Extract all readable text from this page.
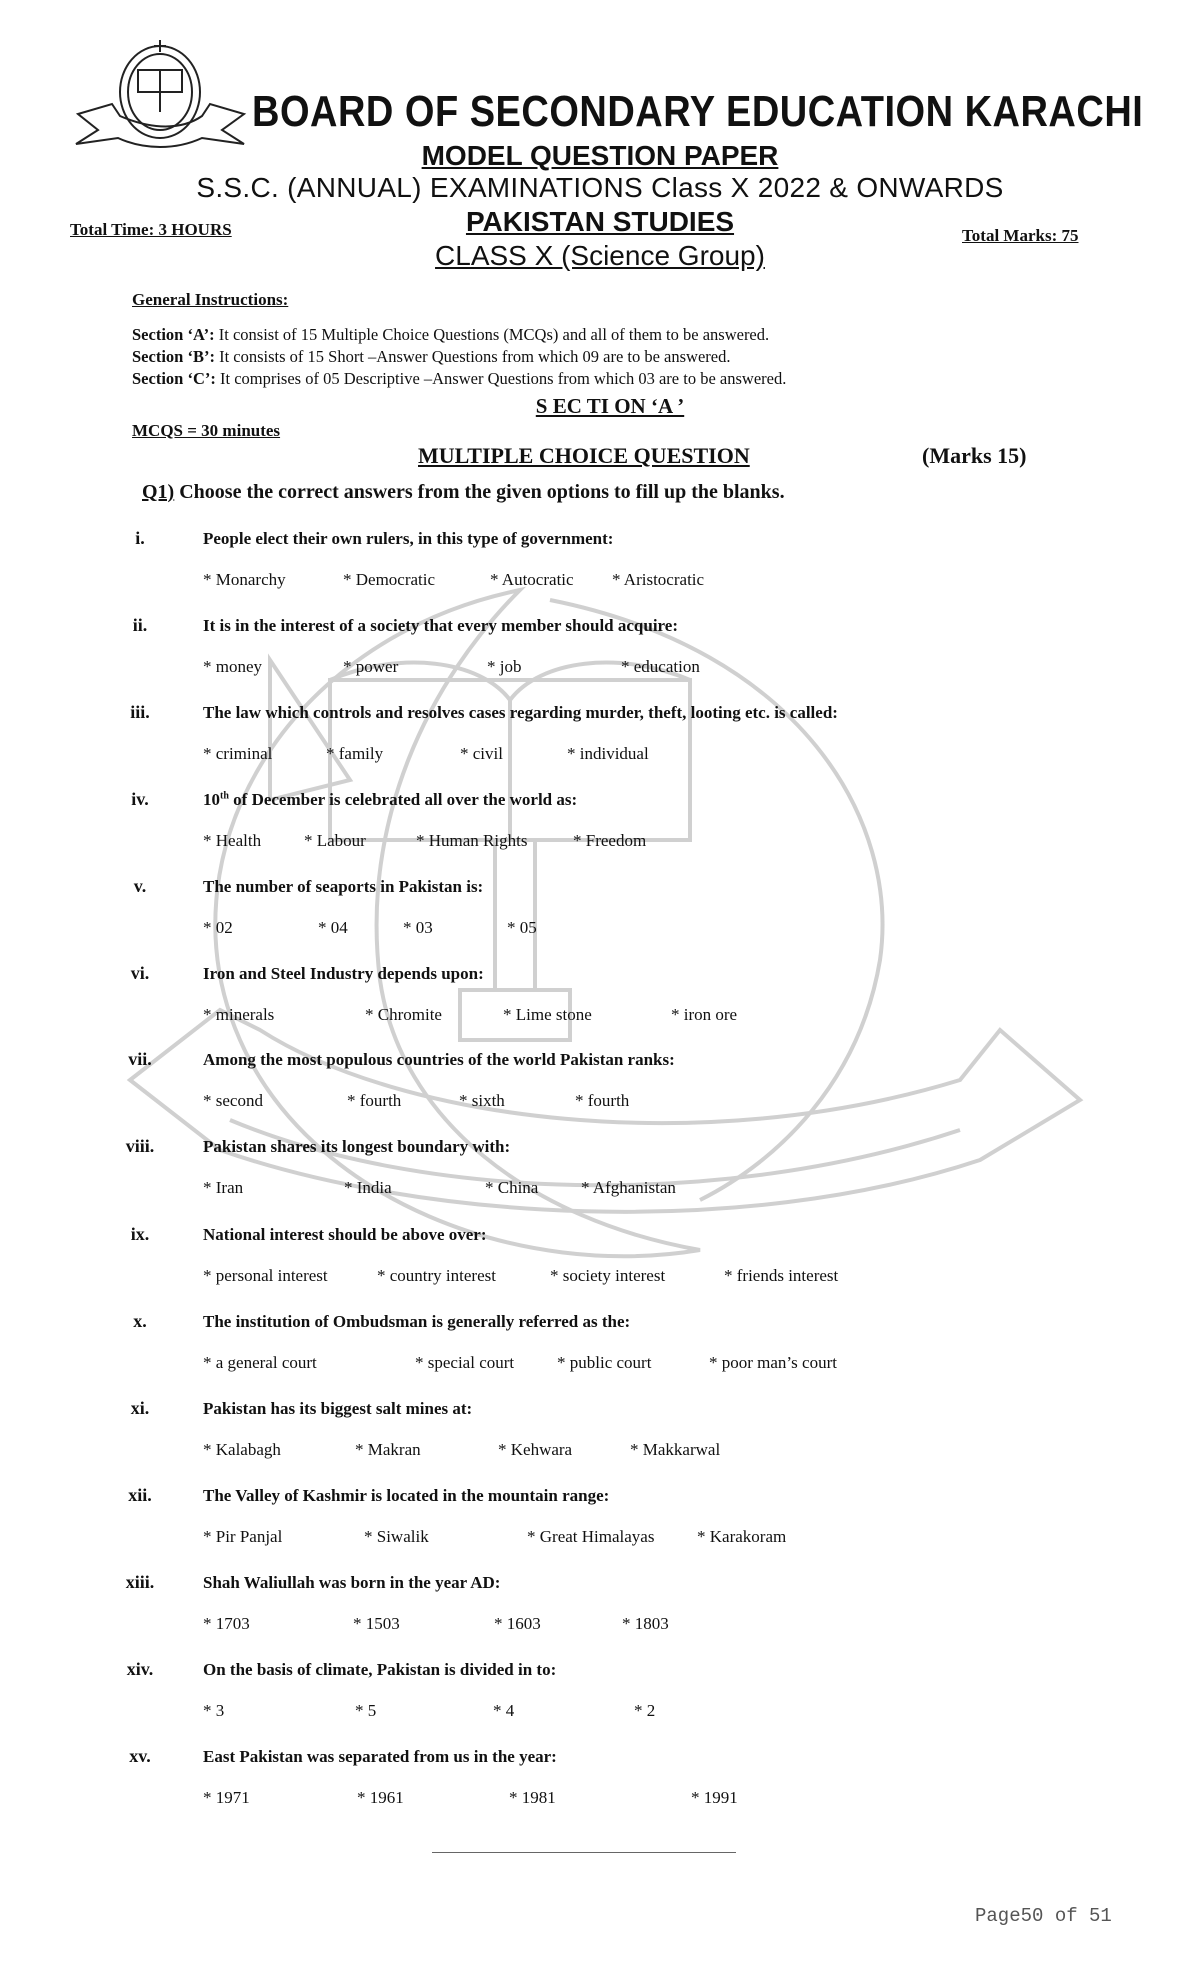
BOARD OF SECONDARY EDUCATION KARACHI
MODEL QUESTION PAPER
S.S.C. (ANNUAL) EXAMINATIONS Class X 2022 & ONWARDS
Total Time: 3 HOURS	PAKISTAN STUDIES	Total Marks: 75
CLASS X (Science Group)
General Instructions:
Section ‘A’: It consist of 15 Multiple Choice Questions (MCQs) and all of them to be answered.
Section ‘B’: It consists of 15 Short –Answer Questions from which 09 are to be answered.
Section ‘C’: It comprises of 05 Descriptive –Answer Questions from which 03 are to be answered.
S EC TI ON ‘A ’
MCQS = 30 minutes
MULTIPLE CHOICE QUESTION	(Marks 15)
Q1) Choose the correct answers from the given options to fill up the blanks.
i.	People elect their own rulers, in this type of government:
* Monarchy	* Democratic	* Autocratic * Aristocratic
ii.	It is in the interest of a society that every member should acquire:
* money	* power	* job	* education
iii.	The law which controls and resolves cases regarding murder, theft, looting etc. is called:
* criminal	* family	* civil	* individual
iv.	10th of December is celebrated all over the world as:
* Health	* Labour	* Human Rights	* Freedom
v.	The number of seaports in Pakistan is:
* 02	* 04	* 03	* 05
vi.	Iron and Steel Industry depends upon:
* minerals	* Chromite	* Lime stone	* iron ore
vii.	Among the most populous countries of the world Pakistan ranks:
* second	* fourth	* sixth	* fourth
viii.	Pakistan shares its longest boundary with:
* Iran	* India	* China	* Afghanistan
ix.	National interest should be above over:
* personal interest	* country interest	* society interest	* friends interest
x.	The institution of Ombudsman is generally referred as the:
* a general court	* special court	* public court	* poor man’s court
xi.	Pakistan has its biggest salt mines at:
* Kalabagh	* Makran	* Kehwara	* Makkarwal
xii.	The Valley of Kashmir is located in the mountain range:
* Pir Panjal	* Siwalik	* Great Himalayas	* Karakoram
xiii.	Shah Waliullah was born in the year AD:
* 1703	* 1503	* 1603	* 1803
xiv.	On the basis of climate, Pakistan is divided in to:
* 3	* 5	* 4	* 2
xv.	East Pakistan was separated from us in the year:
* 1971	* 1961	* 1981	* 1991
Page50 of 51
